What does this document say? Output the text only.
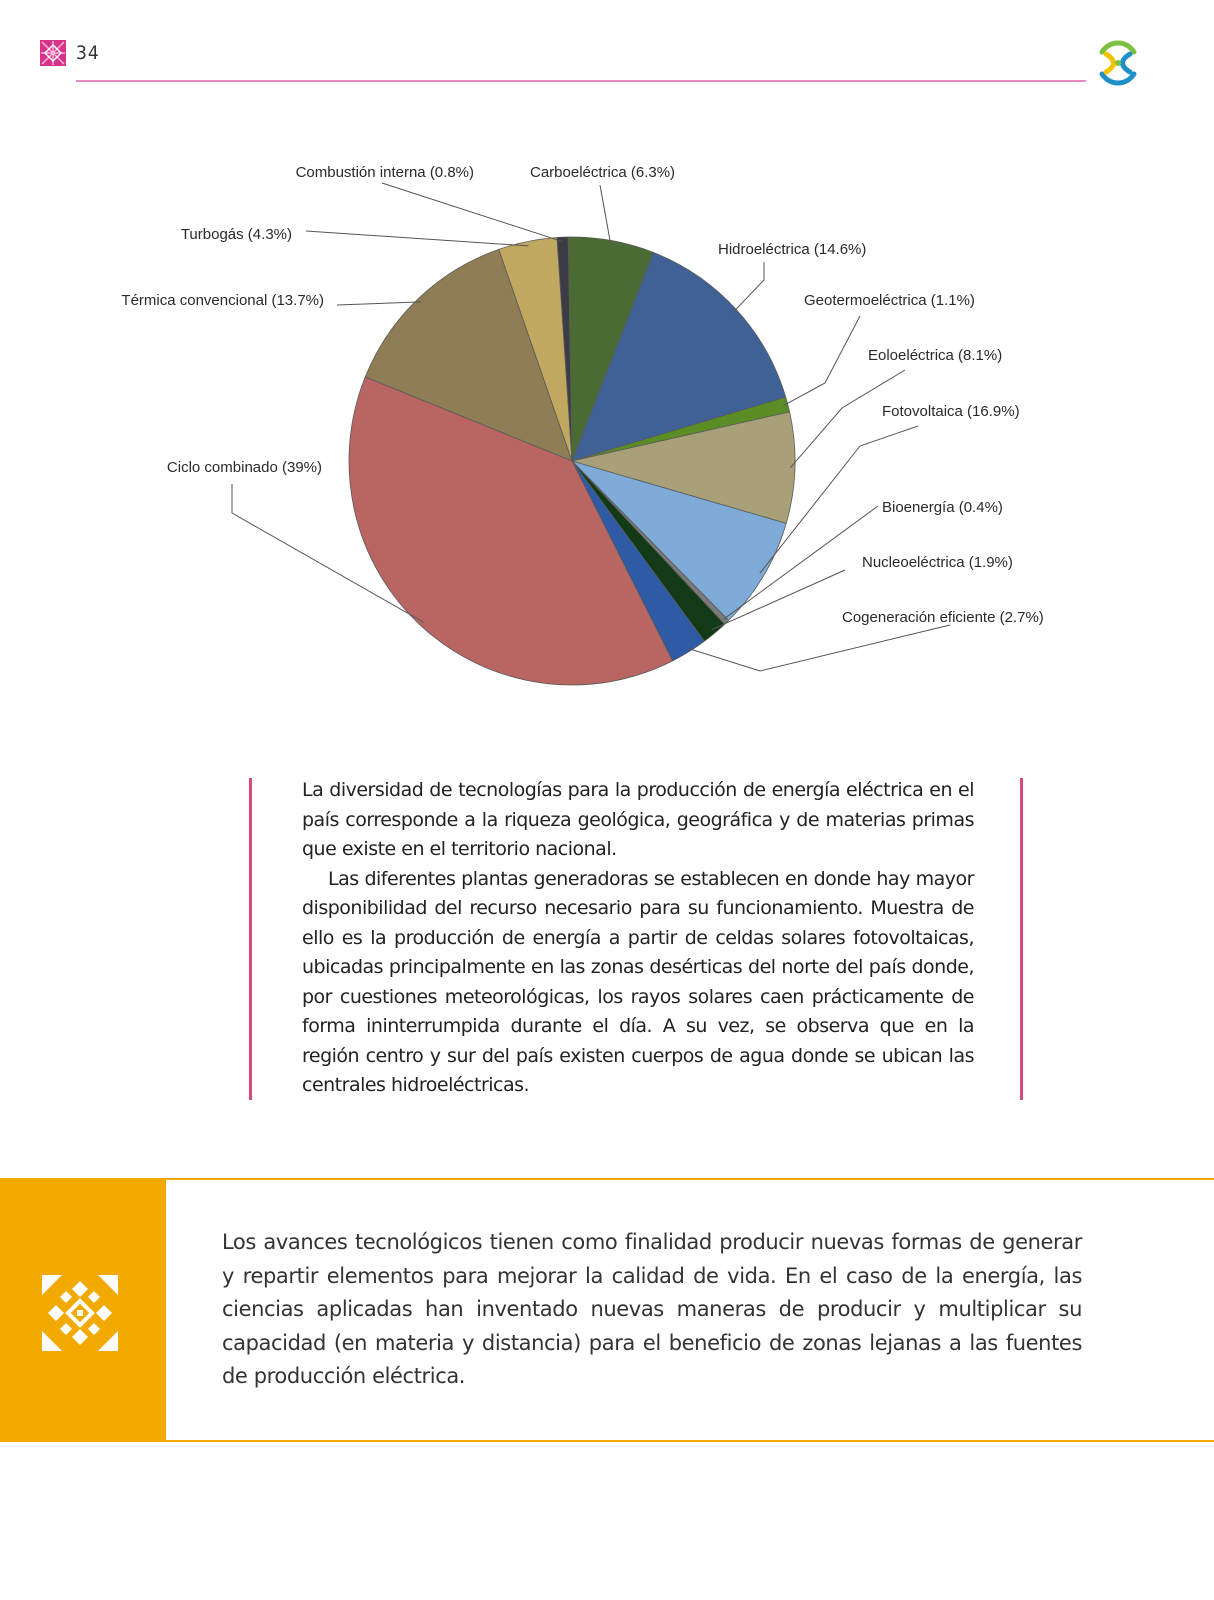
34
Carboeléctrica (6.3%)
Hidroeléctrica (14.6%)
Geotermoeléctrica (1.1%)
Eoloeléctrica (8.1%)
Fotovoltaica (16.9%)
Bioenergía (0.4%)
Nucleoeléctrica (1.9%)
Cogeneración eficiente (2.7%)
Ciclo combinado (39%)
Térmica convencional (13.7%)
Turbogás (4.3%)
Combustión interna (0.8%)

La diversidad de tecnologías para la producción de energía eléctrica en el país corresponde a la riqueza geológica, geográfica y de materias primas que existe en el territorio nacional.

Las diferentes plantas generadoras se establecen en donde hay mayor disponibilidad del recurso necesario para su funcionamiento. Muestra de ello es la producción de energía a partir de celdas solares fotovoltaicas, ubicadas principalmente en las zonas desérticas del norte del país donde, por cuestiones meteorológicas, los rayos solares caen prácticamente de forma ininterrumpida durante el día. A su vez, se observa que en la región centro y sur del país existen cuerpos de agua donde se ubican las centrales hidroeléctricas.

Los avances tecnológicos tienen como finalidad producir nuevas formas de generar y repartir elementos para mejorar la calidad de vida. En el caso de la energía, las ciencias aplicadas han inventado nuevas maneras de producir y multiplicar su capacidad (en materia y distancia) para el beneficio de zonas lejanas a las fuentes de producción eléctrica.
